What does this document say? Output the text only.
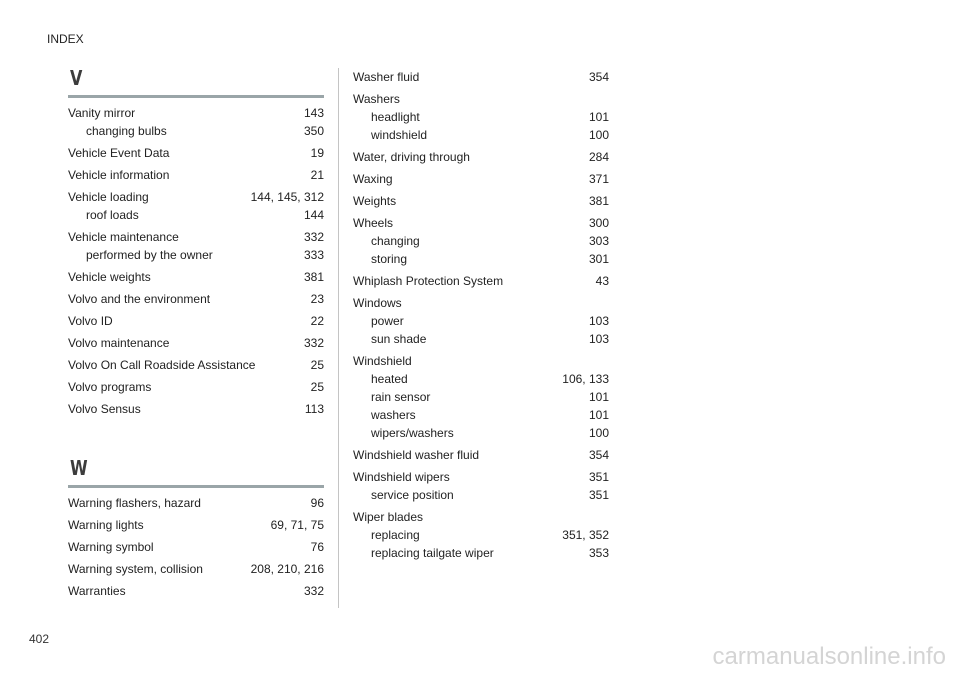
INDEX
V
Vanity mirror	143
changing bulbs	350
Vehicle Event Data	19
Vehicle information	21
Vehicle loading	144, 145, 312
roof loads	144
Vehicle maintenance	332
performed by the owner	333
Vehicle weights	381
Volvo and the environment	23
Volvo ID	22
Volvo maintenance	332
Volvo On Call Roadside Assistance	25
Volvo programs	25
Volvo Sensus	113
W
Warning flashers, hazard	96
Warning lights	69, 71, 75
Warning symbol	76
Warning system, collision	208, 210, 216
Warranties	332
Washer fluid	354
Washers
headlight	101
windshield	100
Water, driving through	284
Waxing	371
Weights	381
Wheels	300
changing	303
storing	301
Whiplash Protection System	43
Windows
power	103
sun shade	103
Windshield
heated	106, 133
rain sensor	101
washers	101
wipers/washers	100
Windshield washer fluid	354
Windshield wipers	351
service position	351
Wiper blades
replacing	351, 352
replacing tailgate wiper	353
402
carmanualsonline.info
